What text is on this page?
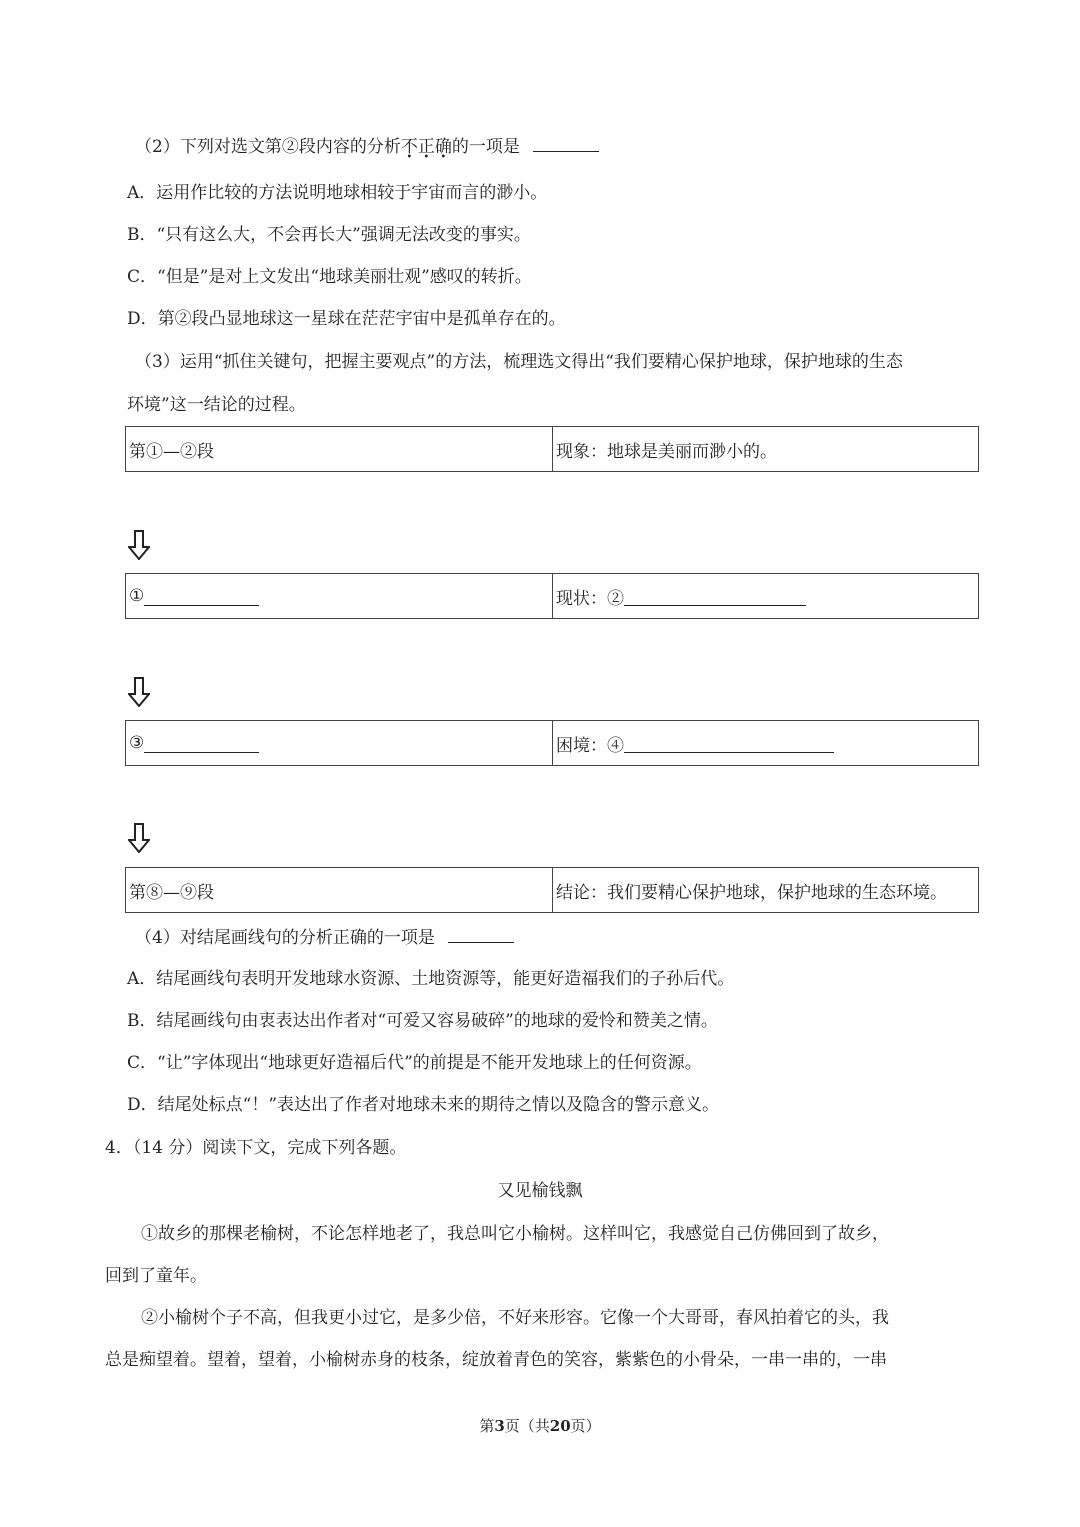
（2）下列对选文第②段内容的分析不正确的一项是
A．运用作比较的方法说明地球相较于宇宙而言的渺小。
B．“只有这么大，不会再长大”强调无法改变的事实。
C．“但是”是对上文发出“地球美丽壮观”感叹的转折。
D．第②段凸显地球这一星球在茫茫宇宙中是孤单存在的。
（3）运用“抓住关键句，把握主要观点”的方法，梳理选文得出“我们要精心保护地球，保护地球的生态
环境”这一结论的过程。
第①—②段	现象：地球是美丽而渺小的。
①	现状：②
③	困境：④
第⑧—⑨段	结论：我们要精心保护地球，保护地球的生态环境。
（4）对结尾画线句的分析正确的一项是
A．结尾画线句表明开发地球水资源、土地资源等，能更好造福我们的子孙后代。
B．结尾画线句由衷表达出作者对“可爱又容易破碎”的地球的爱怜和赞美之情。
C．“让”字体现出“地球更好造福后代”的前提是不能开发地球上的任何资源。
D．结尾处标点“！”表达出了作者对地球未来的期待之情以及隐含的警示意义。
4．（14 分）阅读下文，完成下列各题。
又见榆钱飘
①故乡的那棵老榆树，不论怎样地老了，我总叫它小榆树。这样叫它，我感觉自己仿佛回到了故乡，
回到了童年。
②小榆树个子不高，但我更小过它，是多少倍，不好来形容。它像一个大哥哥，春风拍着它的头，我
总是痴望着。望着，望着，小榆树赤身的枝条，绽放着青色的笑容，紫紫色的小骨朵，一串一串的，一串
第3页（共20页）
